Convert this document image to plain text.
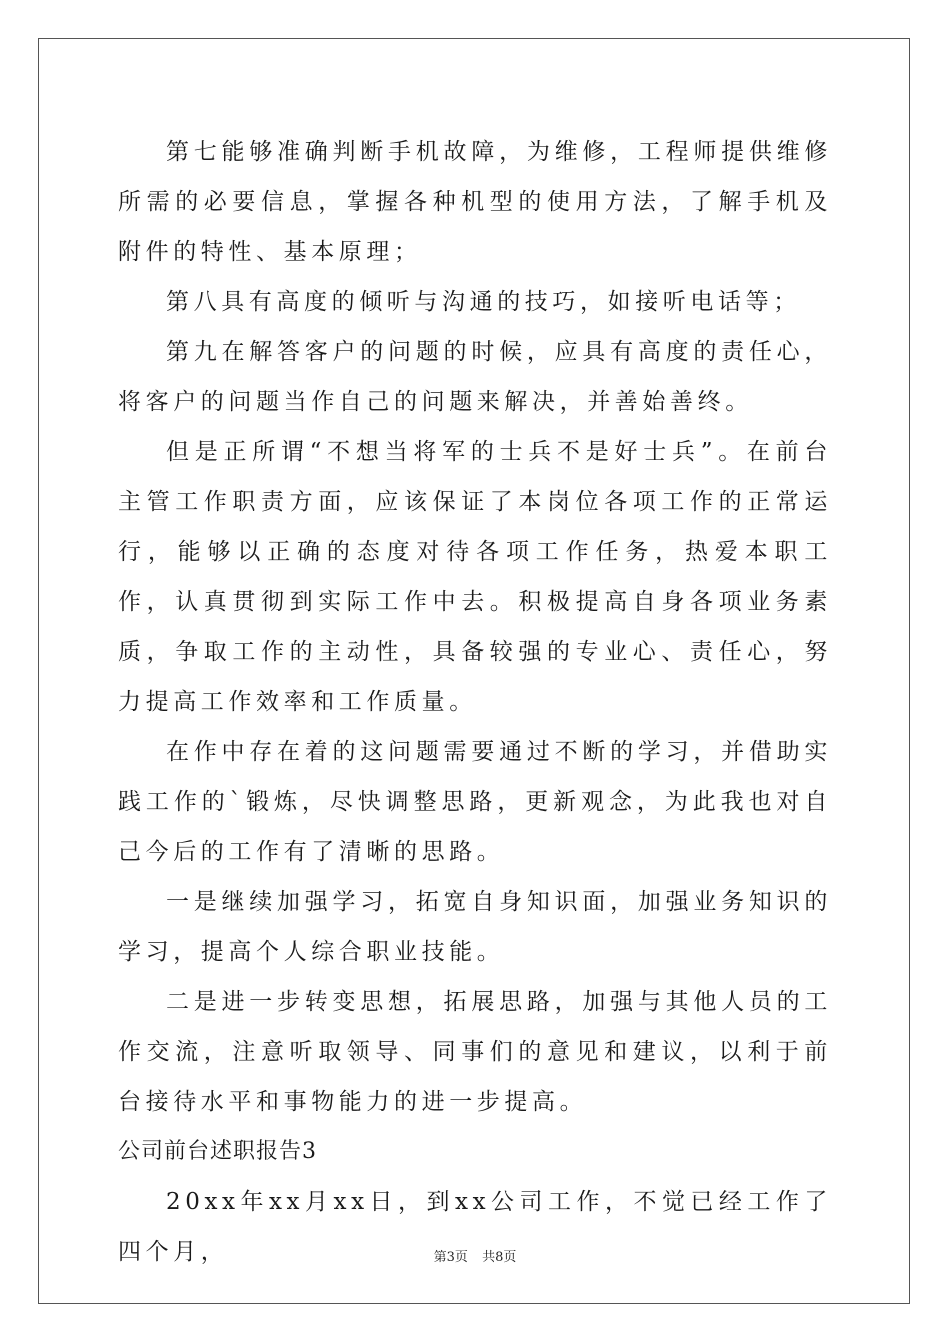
第七能够准确判断手机故障，为维修，工程师提供维修所需的必要信息，掌握各种机型的使用方法，了解手机及附件的特性、基本原理；

第八具有高度的倾听与沟通的技巧，如接听电话等；

第九在解答客户的问题的时候，应具有高度的责任心，将客户的问题当作自己的问题来解决，并善始善终。

但是正所谓“不想当将军的士兵不是好士兵”。在前台主管工作职责方面，应该保证了本岗位各项工作的正常运行，能够以正确的态度对待各项工作任务，热爱本职工作，认真贯彻到实际工作中去。积极提高自身各项业务素质，争取工作的主动性，具备较强的专业心、责任心，努力提高工作效率和工作质量。

在作中存在着的这问题需要通过不断的学习，并借助实践工作的`锻炼，尽快调整思路，更新观念，为此我也对自己今后的工作有了清晰的思路。

一是继续加强学习，拓宽自身知识面，加强业务知识的学习，提高个人综合职业技能。

二是进一步转变思想，拓展思路，加强与其他人员的工作交流，注意听取领导、同事们的意见和建议，以利于前台接待水平和事物能力的进一步提高。

公司前台述职报告3

20xx年xx月xx日，到xx公司工作，不觉已经工作了四个月，	第3页 共8页
